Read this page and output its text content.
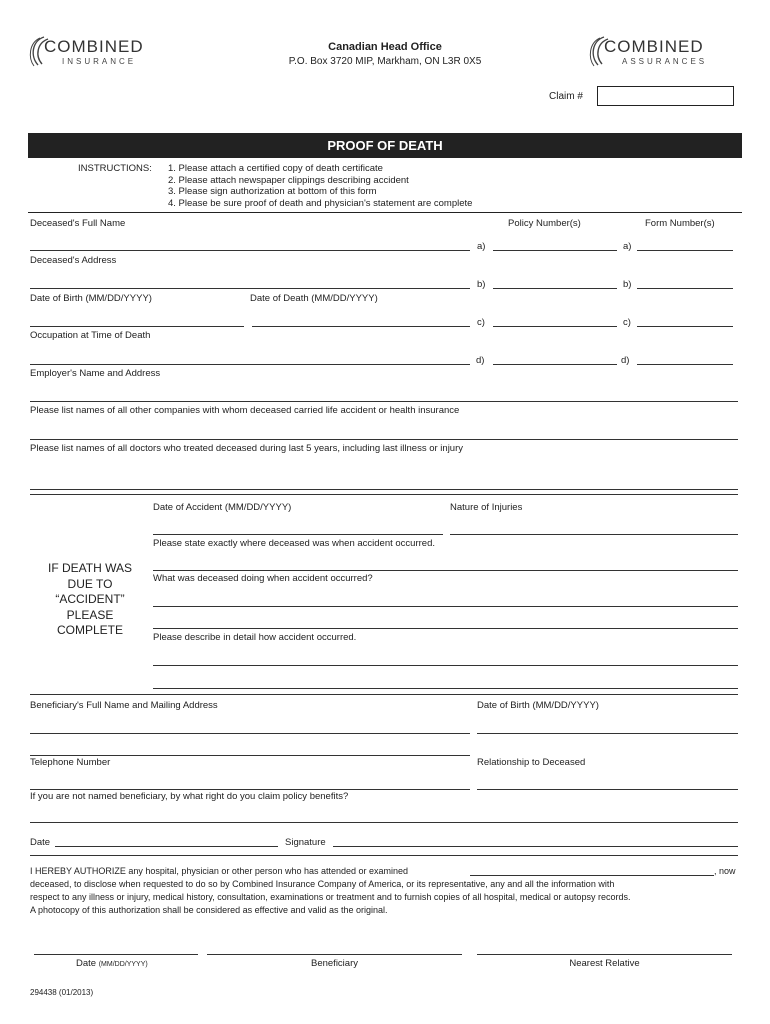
COMBINED
INSURANCE
Canadian Head Office
P.O. Box 3720 MIP, Markham, ON L3R 0X5
COMBINED
ASSURANCES
Claim #
PROOF OF DEATH
INSTRUCTIONS: 1. Please attach a certified copy of death certificate
2. Please attach newspaper clippings describing accident
3. Please sign authorization at bottom of this form
4. Please be sure proof of death and physician's statement are complete
Deceased's Full Name	Policy Number(s)	Form Number(s)
a)	a)
Deceased's Address
b)	b)
Date of Birth (MM/DD/YYYY)	Date of Death (MM/DD/YYYY)
c)	c)
Occupation at Time of Death
d)	d)
Employer's Name and Address
Please list names of all other companies with whom deceased carried life accident or health insurance
Please list names of all doctors who treated deceased during last 5 years, including last illness or injury
IF DEATH WAS
DUE TO
“ACCIDENT”
PLEASE
COMPLETE
Date of Accident (MM/DD/YYYY)	Nature of Injuries
Please state exactly where deceased was when accident occurred.
What was deceased doing when accident occurred?
Please describe in detail how accident occurred.
Beneficiary's Full Name and Mailing Address	Date of Birth (MM/DD/YYYY)
Telephone Number	Relationship to Deceased
If you are not named beneficiary, by what right do you claim policy benefits?
Date	Signature
I HEREBY AUTHORIZE any hospital, physician or other person who has attended or examined	, now
deceased, to disclose when requested to do so by Combined Insurance Company of America, or its representative, any and all the information with
respect to any illness or injury, medical history, consultation, examinations or treatment and to furnish copies of all hospital, medical or autopsy records.
A photocopy of this authorization shall be considered as effective and valid as the original.
Date (MM/DD/YYYY)	Beneficiary	Nearest Relative
294438 (01/2013)
